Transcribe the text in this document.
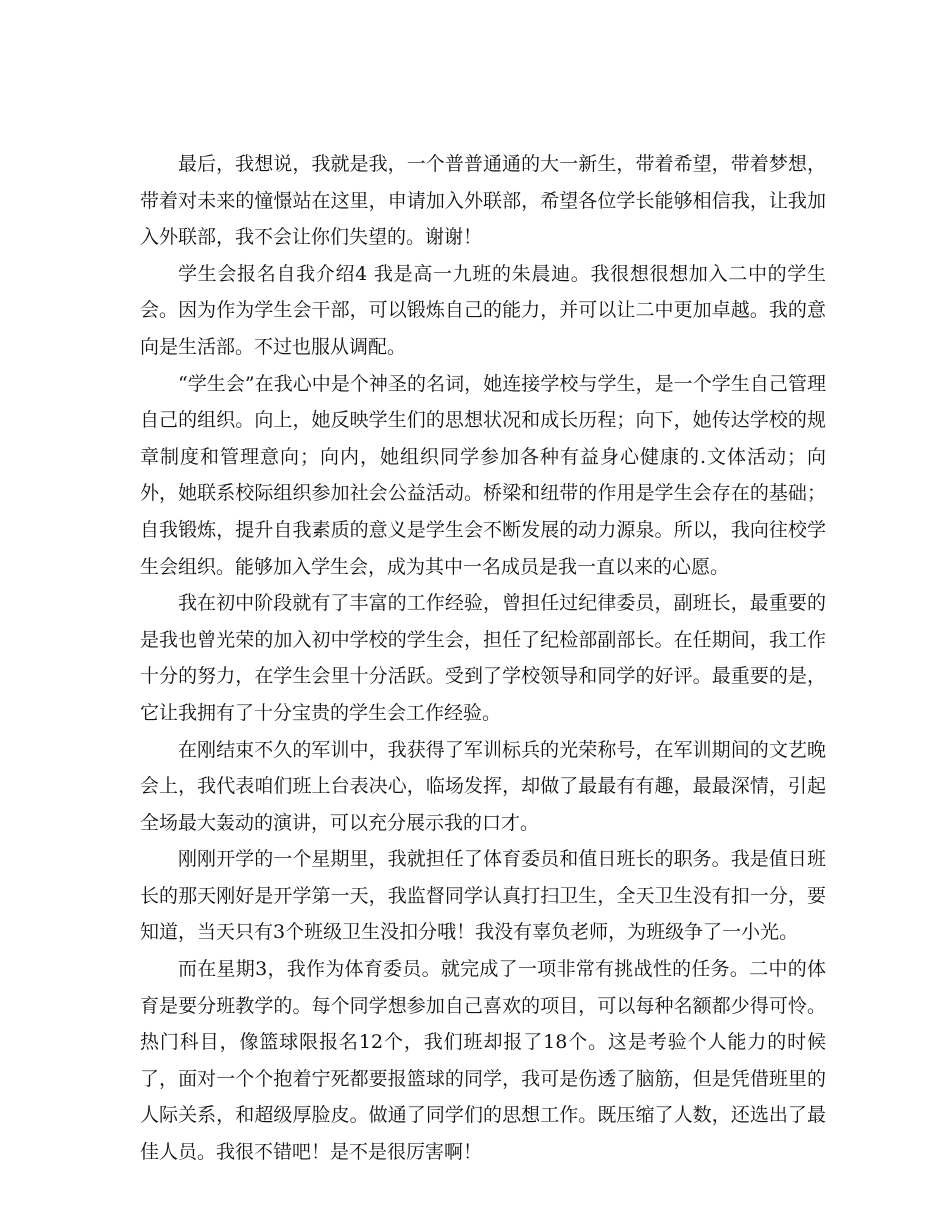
最后，我想说，我就是我，一个普普通通的大一新生，带着希望，带着梦想，带着对未来的憧憬站在这里，申请加入外联部，希望各位学长能够相信我，让我加入外联部，我不会让你们失望的。谢谢！

学生会报名自我介绍4 我是高一九班的朱晨迪。我很想很想加入二中的学生会。因为作为学生会干部，可以锻炼自己的能力，并可以让二中更加卓越。我的意向是生活部。不过也服从调配。

“学生会”在我心中是个神圣的名词，她连接学校与学生，是一个学生自己管理自己的组织。向上，她反映学生们的思想状况和成长历程；向下，她传达学校的规章制度和管理意向；向内，她组织同学参加各种有益身心健康的.文体活动；向外，她联系校际组织参加社会公益活动。桥梁和纽带的作用是学生会存在的基础；自我锻炼，提升自我素质的意义是学生会不断发展的动力源泉。所以，我向往校学生会组织。能够加入学生会，成为其中一名成员是我一直以来的心愿。

我在初中阶段就有了丰富的工作经验，曾担任过纪律委员，副班长，最重要的是我也曾光荣的加入初中学校的学生会，担任了纪检部副部长。在任期间，我工作十分的努力，在学生会里十分活跃。受到了学校领导和同学的好评。最重要的是，它让我拥有了十分宝贵的学生会工作经验。

在刚结束不久的军训中，我获得了军训标兵的光荣称号，在军训期间的文艺晚会上，我代表咱们班上台表决心，临场发挥，却做了最最有有趣，最最深情，引起全场最大轰动的演讲，可以充分展示我的口才。

刚刚开学的一个星期里，我就担任了体育委员和值日班长的职务。我是值日班长的那天刚好是开学第一天，我监督同学认真打扫卫生，全天卫生没有扣一分，要知道，当天只有3个班级卫生没扣分哦！我没有辜负老师，为班级争了一小光。

而在星期3，我作为体育委员。就完成了一项非常有挑战性的任务。二中的体育是要分班教学的。每个同学想参加自己喜欢的项目，可以每种名额都少得可怜。热门科目，像篮球限报名12个，我们班却报了18个。这是考验个人能力的时候了，面对一个个抱着宁死都要报篮球的同学，我可是伤透了脑筋，但是凭借班里的人际关系，和超级厚脸皮。做通了同学们的思想工作。既压缩了人数，还选出了最佳人员。我很不错吧！是不是很厉害啊！
